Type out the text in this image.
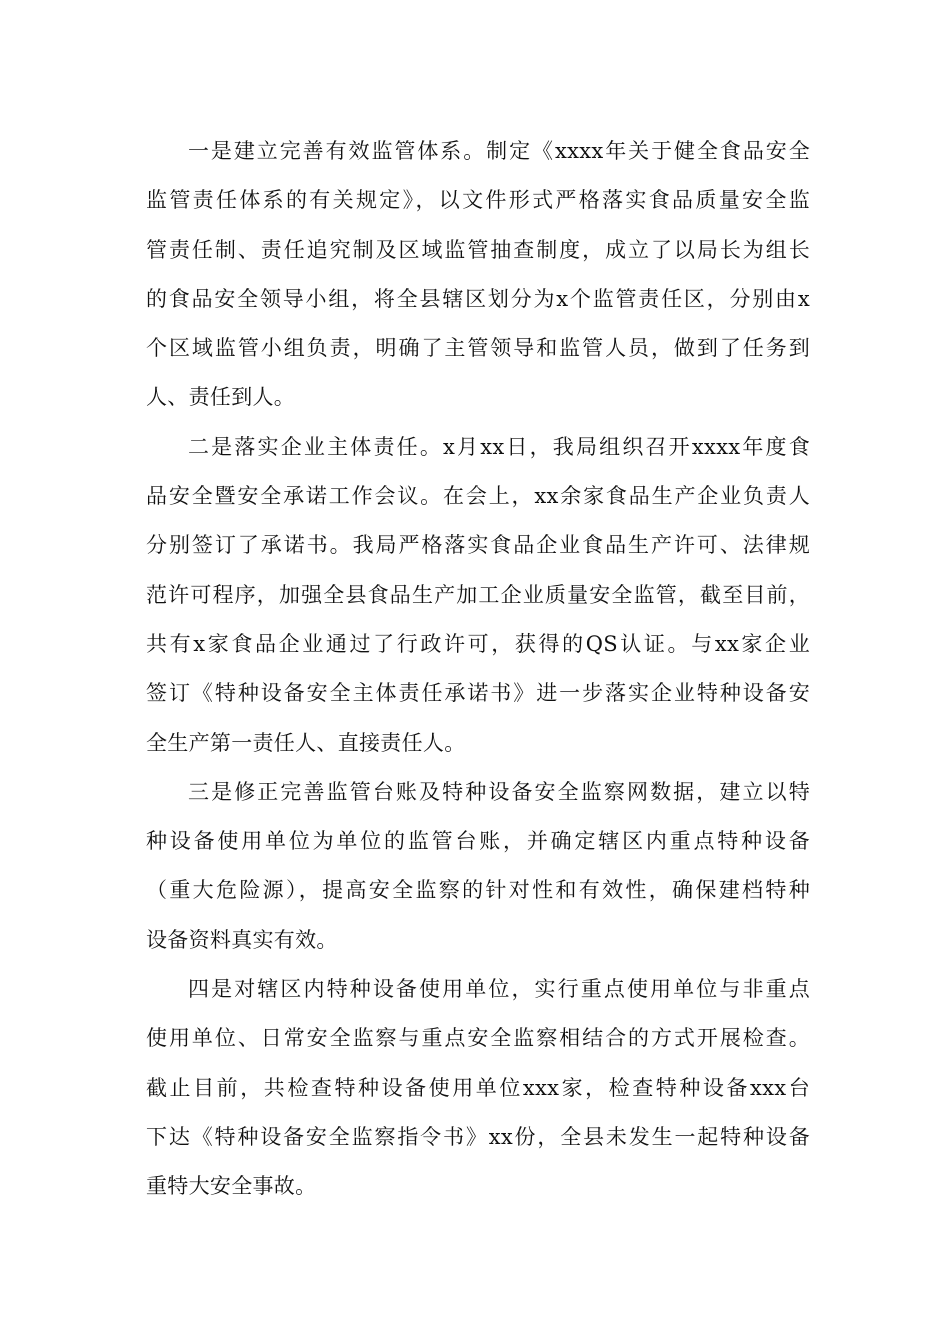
一是建立完善有效监管体系。制定《xxxx年关于健全食品安全
监管责任体系的有关规定》，以文件形式严格落实食品质量安全监
管责任制、责任追究制及区域监管抽查制度，成立了以局长为组长
的食品安全领导小组，将全县辖区划分为x个监管责任区，分别由x
个区域监管小组负责，明确了主管领导和监管人员，做到了任务到
人、责任到人。
二是落实企业主体责任。x月xx日，我局组织召开xxxx年度食
品安全暨安全承诺工作会议。在会上，xx余家食品生产企业负责人
分别签订了承诺书。我局严格落实食品企业食品生产许可、法律规
范许可程序，加强全县食品生产加工企业质量安全监管，截至目前，
共有x家食品企业通过了行政许可，获得的QS认证。与xx家企业
签订《特种设备安全主体责任承诺书》进一步落实企业特种设备安
全生产第一责任人、直接责任人。
三是修正完善监管台账及特种设备安全监察网数据，建立以特
种设备使用单位为单位的监管台账，并确定辖区内重点特种设备
（重大危险源），提高安全监察的针对性和有效性，确保建档特种
设备资料真实有效。
四是对辖区内特种设备使用单位，实行重点使用单位与非重点
使用单位、日常安全监察与重点安全监察相结合的方式开展检查。
截止目前，共检查特种设备使用单位xxx家，检查特种设备xxx台
下达《特种设备安全监察指令书》xx份，全县未发生一起特种设备
重特大安全事故。
